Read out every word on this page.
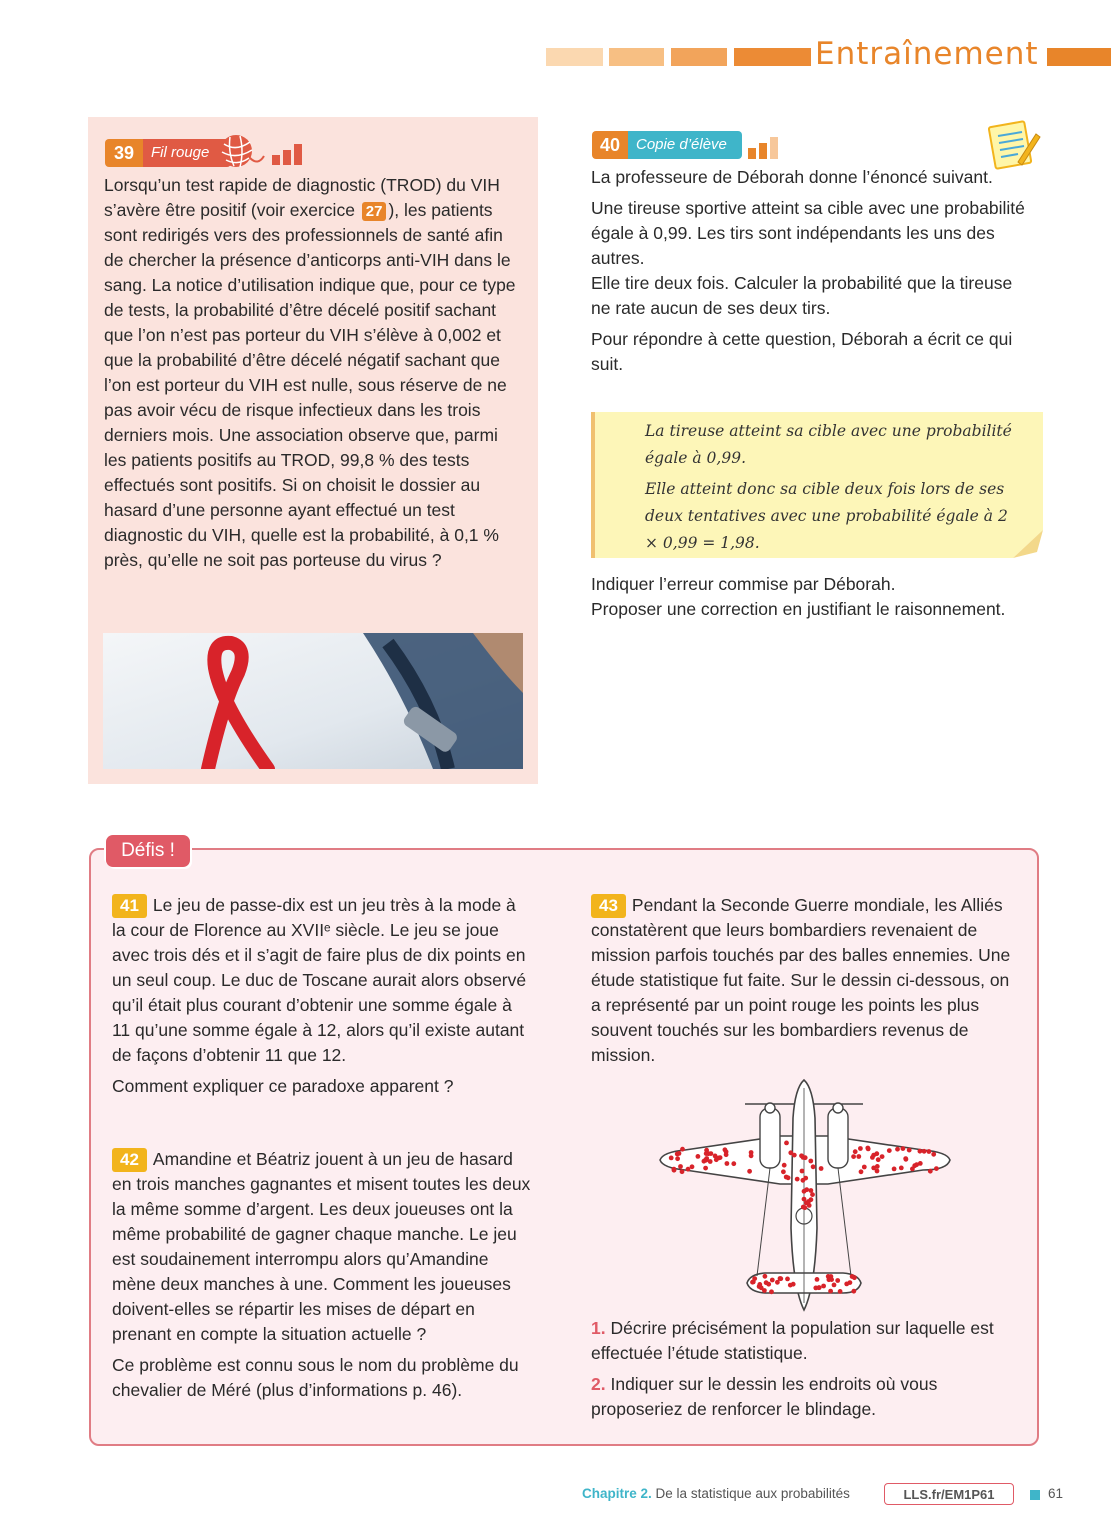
Entraînement
39	Fil rouge

Lorsqu’un test rapide de diagnostic (TROD) du VIH s’avère être positif (voir exercice 27 ), les patients sont redirigés vers des professionnels de santé afin de chercher la présence d’anticorps anti‑VIH dans le sang. La notice d’utilisation indique que, pour ce type de tests, la probabilité d’être décelé positif sachant que l’on n’est pas porteur du VIH s’élève à 0,002 et que la probabilité d’être décelé négatif sachant que l’on est porteur du VIH est nulle, sous réserve de ne pas avoir vécu de risque infectieux dans les trois derniers mois. Une association observe que, parmi les patients positifs au TROD, 99,8 % des tests effectués sont positifs. Si on choisit le dossier au hasard d’une personne ayant effectué un test diagnostic du VIH, quelle est la probabilité, à 0,1 % près, qu’elle ne soit pas porteuse du virus ?

40	Copie d’élève

La professeure de Déborah donne l’énoncé suivant.

Une tireuse sportive atteint sa cible avec une probabilité égale à 0,99. Les tirs sont indépendants les uns des autres.

Elle tire deux fois. Calculer la probabilité que la tireuse ne rate aucun de ses deux tirs.

Pour répondre à cette question, Déborah a écrit ce qui suit.

La tireuse atteint sa cible avec une probabilité égale à 0,99.

Elle atteint donc sa cible deux fois lors de ses deux tentatives avec une probabilité égale à 2 × 0,99 = 1,98.

Indiquer l’erreur commise par Déborah.

Proposer une correction en justifiant le raisonnement.

Défis !

41 Le jeu de passe-dix est un jeu très à la mode à la cour de Florence au XVIIᵉ siècle. Le jeu se joue avec trois dés et il s’agit de faire plus de dix points en un seul coup. Le duc de Toscane aurait alors observé qu’il était plus courant d’obtenir une somme égale à 11 qu’une somme égale à 12, alors qu’il existe autant de façons d’obtenir 11 que 12.

Comment expliquer ce paradoxe apparent ?

42 Amandine et Béatriz jouent à un jeu de hasard en trois manches gagnantes et misent toutes les deux la même somme d’argent. Les deux joueuses ont la même probabilité de gagner chaque manche. Le jeu est soudainement interrompu alors qu’Amandine mène deux manches à une. Comment les joueuses doivent-elles se répartir les mises de départ en prenant en compte la situation actuelle ?

Ce problème est connu sous le nom du problème du chevalier de Méré (plus d’informations p. 46).

43 Pendant la Seconde Guerre mondiale, les Alliés constatèrent que leurs bombardiers revenaient de mission parfois touchés par des balles ennemies. Une étude statistique fut faite. Sur le dessin ci-dessous, on a représenté par un point rouge les points les plus souvent touchés sur les bombardiers revenus de mission.

1. Décrire précisément la population sur laquelle est effectuée l’étude statistique.

2. Indiquer sur le dessin les endroits où vous proposeriez de renforcer le blindage.

Chapitre 2. De la statistique aux probabilités	LLS.fr/EM1P61	61
